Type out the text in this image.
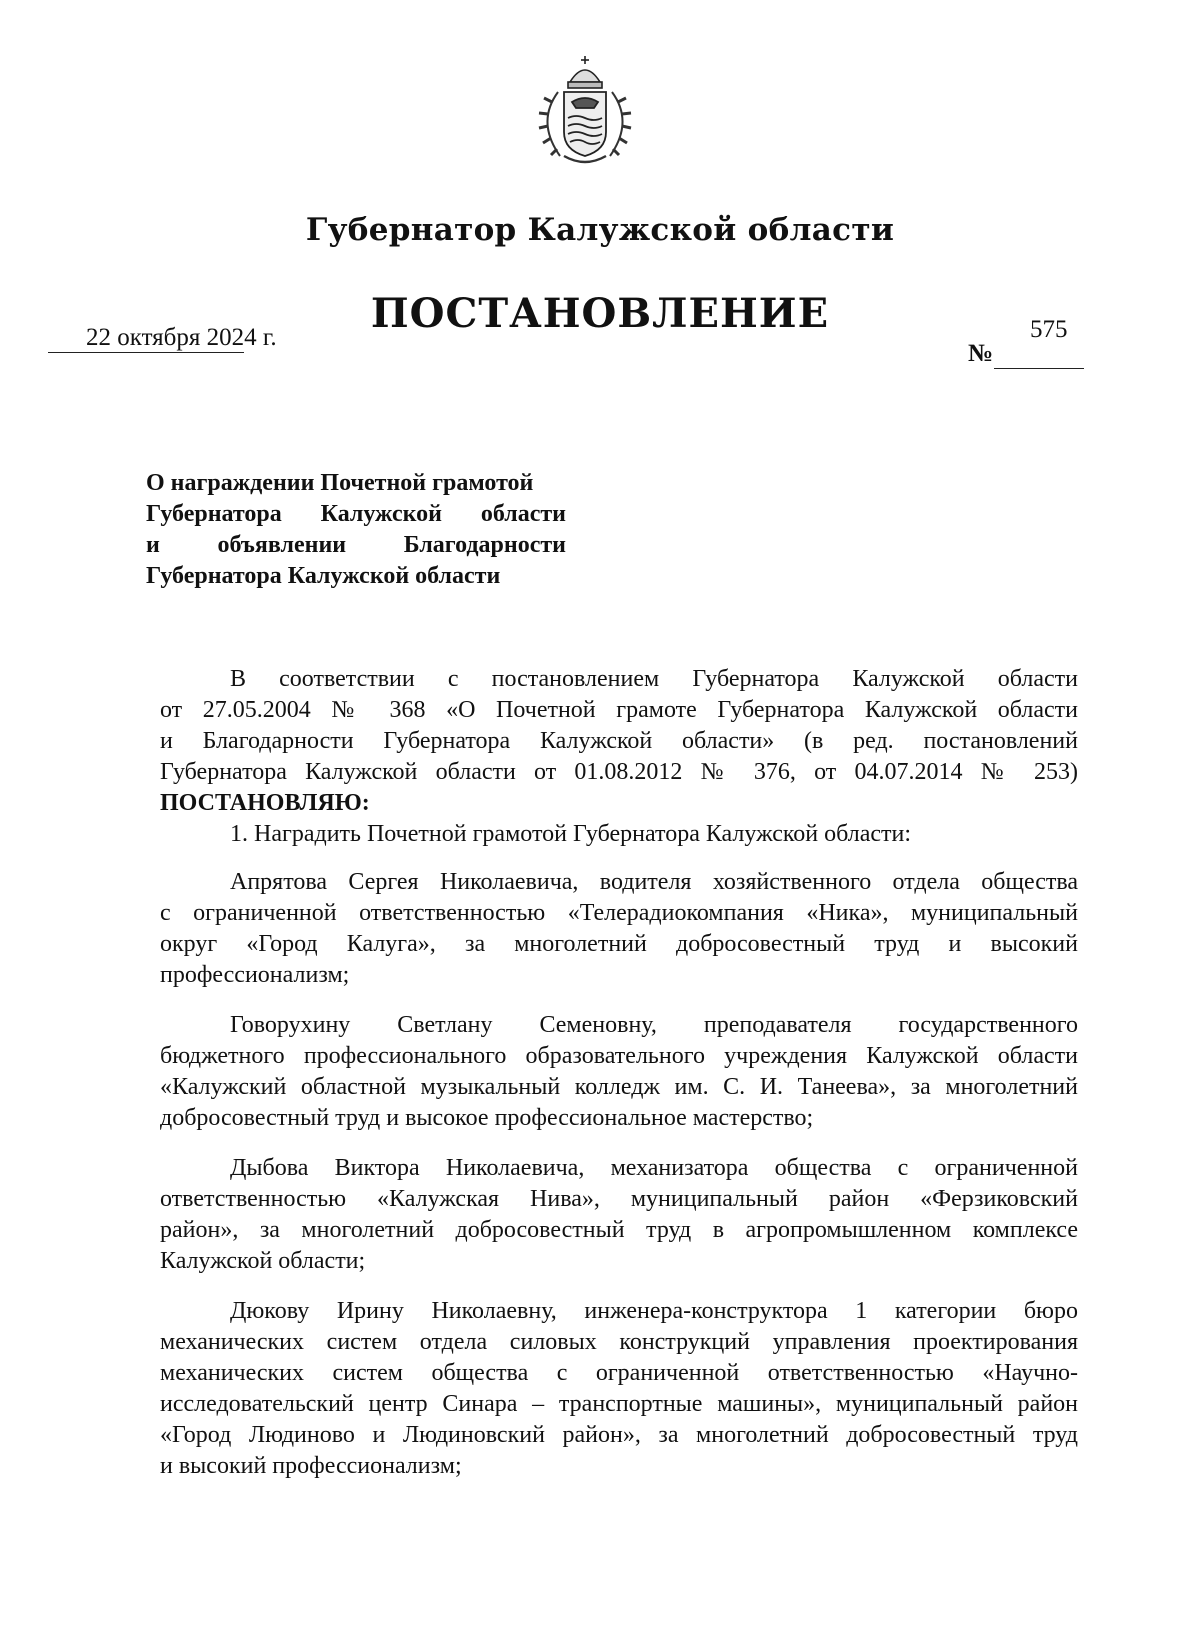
Губернатор Калужской области
ПОСТАНОВЛЕНИЕ
22 октября 2024 г.	575
№
О награждении Почетной грамотой
Губернатора Калужской области
и объявлении Благодарности
Губернатора Калужской области

В соответствии с постановлением Губернатора Калужской области

от 27.05.2004 № 368 «О Почетной грамоте Губернатора Калужской области

и Благодарности Губернатора Калужской области» (в ред. постановлений

Губернатора Калужской области от 01.08.2012 № 376, от 04.07.2014 № 253)

ПОСТАНОВЛЯЮ:

1. Наградить Почетной грамотой Губернатора Калужской области:

Апрятова Сергея Николаевича, водителя хозяйственного отдела общества

с ограниченной ответственностью «Телерадиокомпания «Ника», муниципальный

округ «Город Калуга», за многолетний добросовестный труд и высокий

профессионализм;

Говорухину Светлану Семеновну, преподавателя государственного

бюджетного профессионального образовательного учреждения Калужской области

«Калужский областной музыкальный колледж им. С. И. Танеева», за многолетний

добросовестный труд и высокое профессиональное мастерство;

Дыбова Виктора Николаевича, механизатора общества с ограниченной

ответственностью «Калужская Нива», муниципальный район «Ферзиковский

район», за многолетний добросовестный труд в агропромышленном комплексе

Калужской области;

Дюкову Ирину Николаевну, инженера-конструктора 1 категории бюро

механических систем отдела силовых конструкций управления проектирования

механических систем общества с ограниченной ответственностью «Научно-

исследовательский центр Синара – транспортные машины», муниципальный район

«Город Людиново и Людиновский район», за многолетний добросовестный труд

и высокий профессионализм;
